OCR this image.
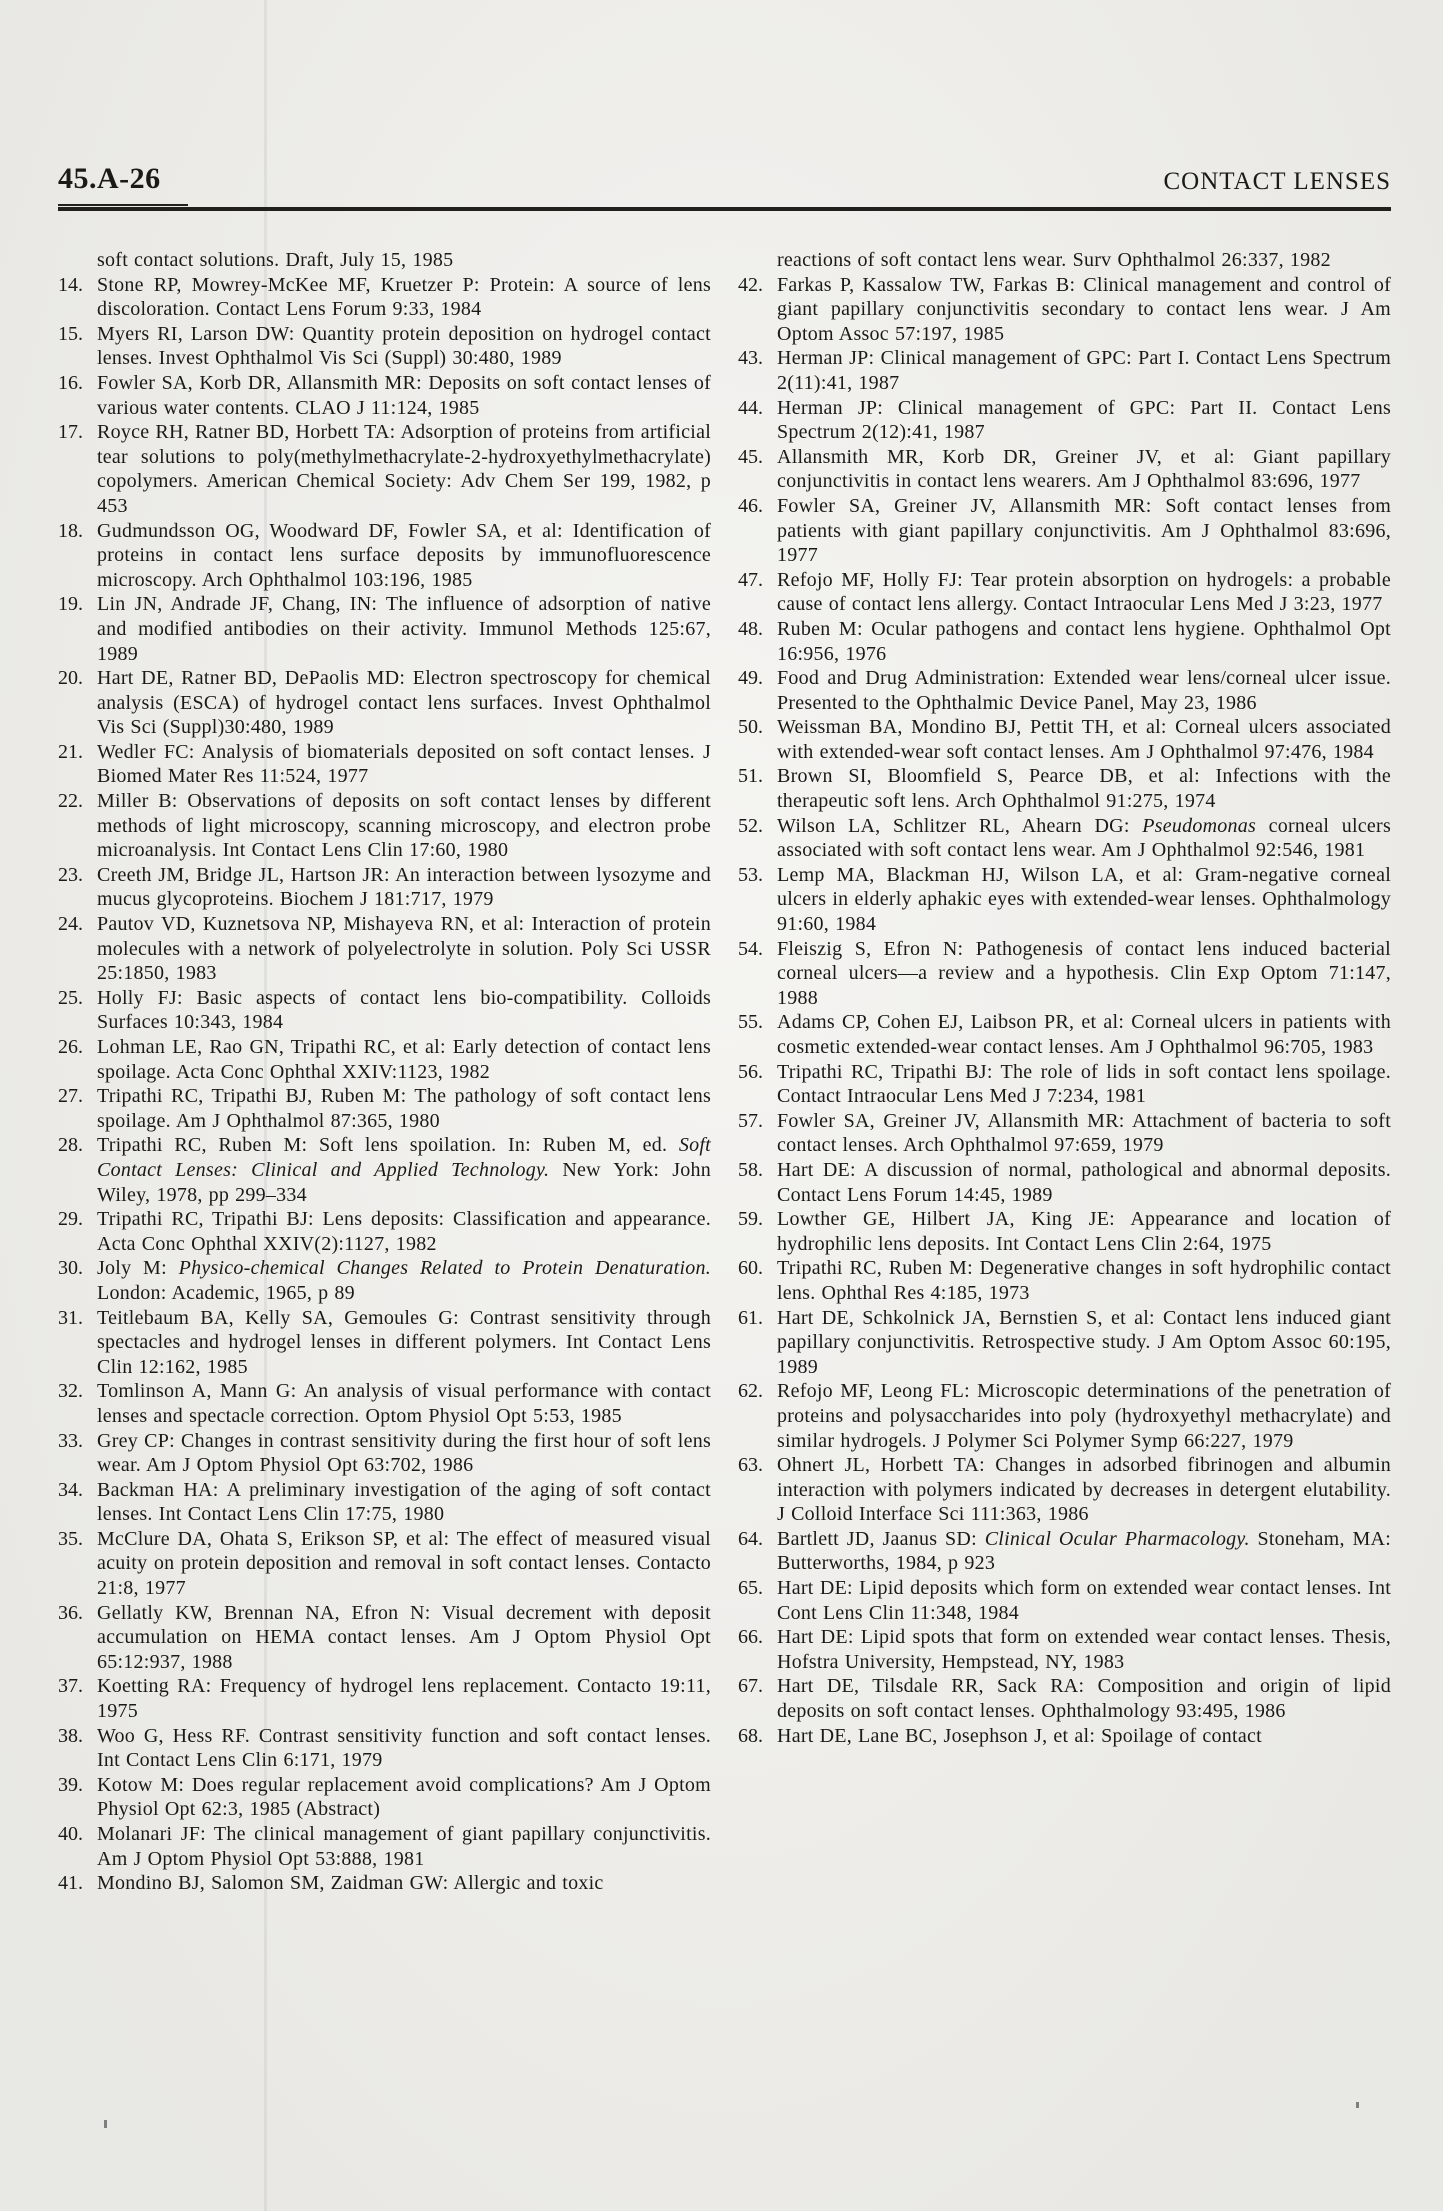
45.A-26	CONTACT LENSES
soft contact solutions. Draft, July 15, 1985
14. Stone RP, Mowrey-McKee MF, Kruetzer P: Protein: A source of lens discoloration. Contact Lens Forum 9:33, 1984
15. Myers RI, Larson DW: Quantity protein deposition on hydrogel contact lenses. Invest Ophthalmol Vis Sci (Suppl) 30:480, 1989
16. Fowler SA, Korb DR, Allansmith MR: Deposits on soft contact lenses of various water contents. CLAO J 11:124, 1985
17. Royce RH, Ratner BD, Horbett TA: Adsorption of proteins from artificial tear solutions to poly(methylmethacrylate-2-hydroxyethylmethacrylate) copolymers. American Chemical Society: Adv Chem Ser 199, 1982, p 453
18. Gudmundsson OG, Woodward DF, Fowler SA, et al: Identification of proteins in contact lens surface deposits by immunofluorescence microscopy. Arch Ophthalmol 103:196, 1985
19. Lin JN, Andrade JF, Chang, IN: The influence of adsorption of native and modified antibodies on their activity. Immunol Methods 125:67, 1989
20. Hart DE, Ratner BD, DePaolis MD: Electron spectroscopy for chemical analysis (ESCA) of hydrogel contact lens surfaces. Invest Ophthalmol Vis Sci (Suppl)30:480, 1989
21. Wedler FC: Analysis of biomaterials deposited on soft contact lenses. J Biomed Mater Res 11:524, 1977
22. Miller B: Observations of deposits on soft contact lenses by different methods of light microscopy, scanning microscopy, and electron probe microanalysis. Int Contact Lens Clin 17:60, 1980
23. Creeth JM, Bridge JL, Hartson JR: An interaction between lysozyme and mucus glycoproteins. Biochem J 181:717, 1979
24. Pautov VD, Kuznetsova NP, Mishayeva RN, et al: Interaction of protein molecules with a network of polyelectrolyte in solution. Poly Sci USSR 25:1850, 1983
25. Holly FJ: Basic aspects of contact lens bio-compatibility. Colloids Surfaces 10:343, 1984
26. Lohman LE, Rao GN, Tripathi RC, et al: Early detection of contact lens spoilage. Acta Conc Ophthal XXIV:1123, 1982
27. Tripathi RC, Tripathi BJ, Ruben M: The pathology of soft contact lens spoilage. Am J Ophthalmol 87:365, 1980
28. Tripathi RC, Ruben M: Soft lens spoilation. In: Ruben M, ed. Soft Contact Lenses: Clinical and Applied Technology. New York: John Wiley, 1978, pp 299–334
29. Tripathi RC, Tripathi BJ: Lens deposits: Classification and appearance. Acta Conc Ophthal XXIV(2):1127, 1982
30. Joly M: Physico-chemical Changes Related to Protein Denaturation. London: Academic, 1965, p 89
31. Teitlebaum BA, Kelly SA, Gemoules G: Contrast sensitivity through spectacles and hydrogel lenses in different polymers. Int Contact Lens Clin 12:162, 1985
32. Tomlinson A, Mann G: An analysis of visual performance with contact lenses and spectacle correction. Optom Physiol Opt 5:53, 1985
33. Grey CP: Changes in contrast sensitivity during the first hour of soft lens wear. Am J Optom Physiol Opt 63:702, 1986
34. Backman HA: A preliminary investigation of the aging of soft contact lenses. Int Contact Lens Clin 17:75, 1980
35. McClure DA, Ohata S, Erikson SP, et al: The effect of measured visual acuity on protein deposition and removal in soft contact lenses. Contacto 21:8, 1977
36. Gellatly KW, Brennan NA, Efron N: Visual decrement with deposit accumulation on HEMA contact lenses. Am J Optom Physiol Opt 65:12:937, 1988
37. Koetting RA: Frequency of hydrogel lens replacement. Contacto 19:11, 1975
38. Woo G, Hess RF. Contrast sensitivity function and soft contact lenses. Int Contact Lens Clin 6:171, 1979
39. Kotow M: Does regular replacement avoid complications? Am J Optom Physiol Opt 62:3, 1985 (Abstract)
40. Molanari JF: The clinical management of giant papillary conjunctivitis. Am J Optom Physiol Opt 53:888, 1981
41. Mondino BJ, Salomon SM, Zaidman GW: Allergic and toxic
reactions of soft contact lens wear. Surv Ophthalmol 26:337, 1982
42. Farkas P, Kassalow TW, Farkas B: Clinical management and control of giant papillary conjunctivitis secondary to contact lens wear. J Am Optom Assoc 57:197, 1985
43. Herman JP: Clinical management of GPC: Part I. Contact Lens Spectrum 2(11):41, 1987
44. Herman JP: Clinical management of GPC: Part II. Contact Lens Spectrum 2(12):41, 1987
45. Allansmith MR, Korb DR, Greiner JV, et al: Giant papillary conjunctivitis in contact lens wearers. Am J Ophthalmol 83:696, 1977
46. Fowler SA, Greiner JV, Allansmith MR: Soft contact lenses from patients with giant papillary conjunctivitis. Am J Ophthalmol 83:696, 1977
47. Refojo MF, Holly FJ: Tear protein absorption on hydrogels: a probable cause of contact lens allergy. Contact Intraocular Lens Med J 3:23, 1977
48. Ruben M: Ocular pathogens and contact lens hygiene. Ophthalmol Opt 16:956, 1976
49. Food and Drug Administration: Extended wear lens/corneal ulcer issue. Presented to the Ophthalmic Device Panel, May 23, 1986
50. Weissman BA, Mondino BJ, Pettit TH, et al: Corneal ulcers associated with extended-wear soft contact lenses. Am J Ophthalmol 97:476, 1984
51. Brown SI, Bloomfield S, Pearce DB, et al: Infections with the therapeutic soft lens. Arch Ophthalmol 91:275, 1974
52. Wilson LA, Schlitzer RL, Ahearn DG: Pseudomonas corneal ulcers associated with soft contact lens wear. Am J Ophthalmol 92:546, 1981
53. Lemp MA, Blackman HJ, Wilson LA, et al: Gram-negative corneal ulcers in elderly aphakic eyes with extended-wear lenses. Ophthalmology 91:60, 1984
54. Fleiszig S, Efron N: Pathogenesis of contact lens induced bacterial corneal ulcers—a review and a hypothesis. Clin Exp Optom 71:147, 1988
55. Adams CP, Cohen EJ, Laibson PR, et al: Corneal ulcers in patients with cosmetic extended-wear contact lenses. Am J Ophthalmol 96:705, 1983
56. Tripathi RC, Tripathi BJ: The role of lids in soft contact lens spoilage. Contact Intraocular Lens Med J 7:234, 1981
57. Fowler SA, Greiner JV, Allansmith MR: Attachment of bacteria to soft contact lenses. Arch Ophthalmol 97:659, 1979
58. Hart DE: A discussion of normal, pathological and abnormal deposits. Contact Lens Forum 14:45, 1989
59. Lowther GE, Hilbert JA, King JE: Appearance and location of hydrophilic lens deposits. Int Contact Lens Clin 2:64, 1975
60. Tripathi RC, Ruben M: Degenerative changes in soft hydrophilic contact lens. Ophthal Res 4:185, 1973
61. Hart DE, Schkolnick JA, Bernstien S, et al: Contact lens induced giant papillary conjunctivitis. Retrospective study. J Am Optom Assoc 60:195, 1989
62. Refojo MF, Leong FL: Microscopic determinations of the penetration of proteins and polysaccharides into poly (hydroxyethyl methacrylate) and similar hydrogels. J Polymer Sci Polymer Symp 66:227, 1979
63. Ohnert JL, Horbett TA: Changes in adsorbed fibrinogen and albumin interaction with polymers indicated by decreases in detergent elutability. J Colloid Interface Sci 111:363, 1986
64. Bartlett JD, Jaanus SD: Clinical Ocular Pharmacology. Stoneham, MA: Butterworths, 1984, p 923
65. Hart DE: Lipid deposits which form on extended wear contact lenses. Int Cont Lens Clin 11:348, 1984
66. Hart DE: Lipid spots that form on extended wear contact lenses. Thesis, Hofstra University, Hempstead, NY, 1983
67. Hart DE, Tilsdale RR, Sack RA: Composition and origin of lipid deposits on soft contact lenses. Ophthalmology 93:495, 1986
68. Hart DE, Lane BC, Josephson J, et al: Spoilage of contact
